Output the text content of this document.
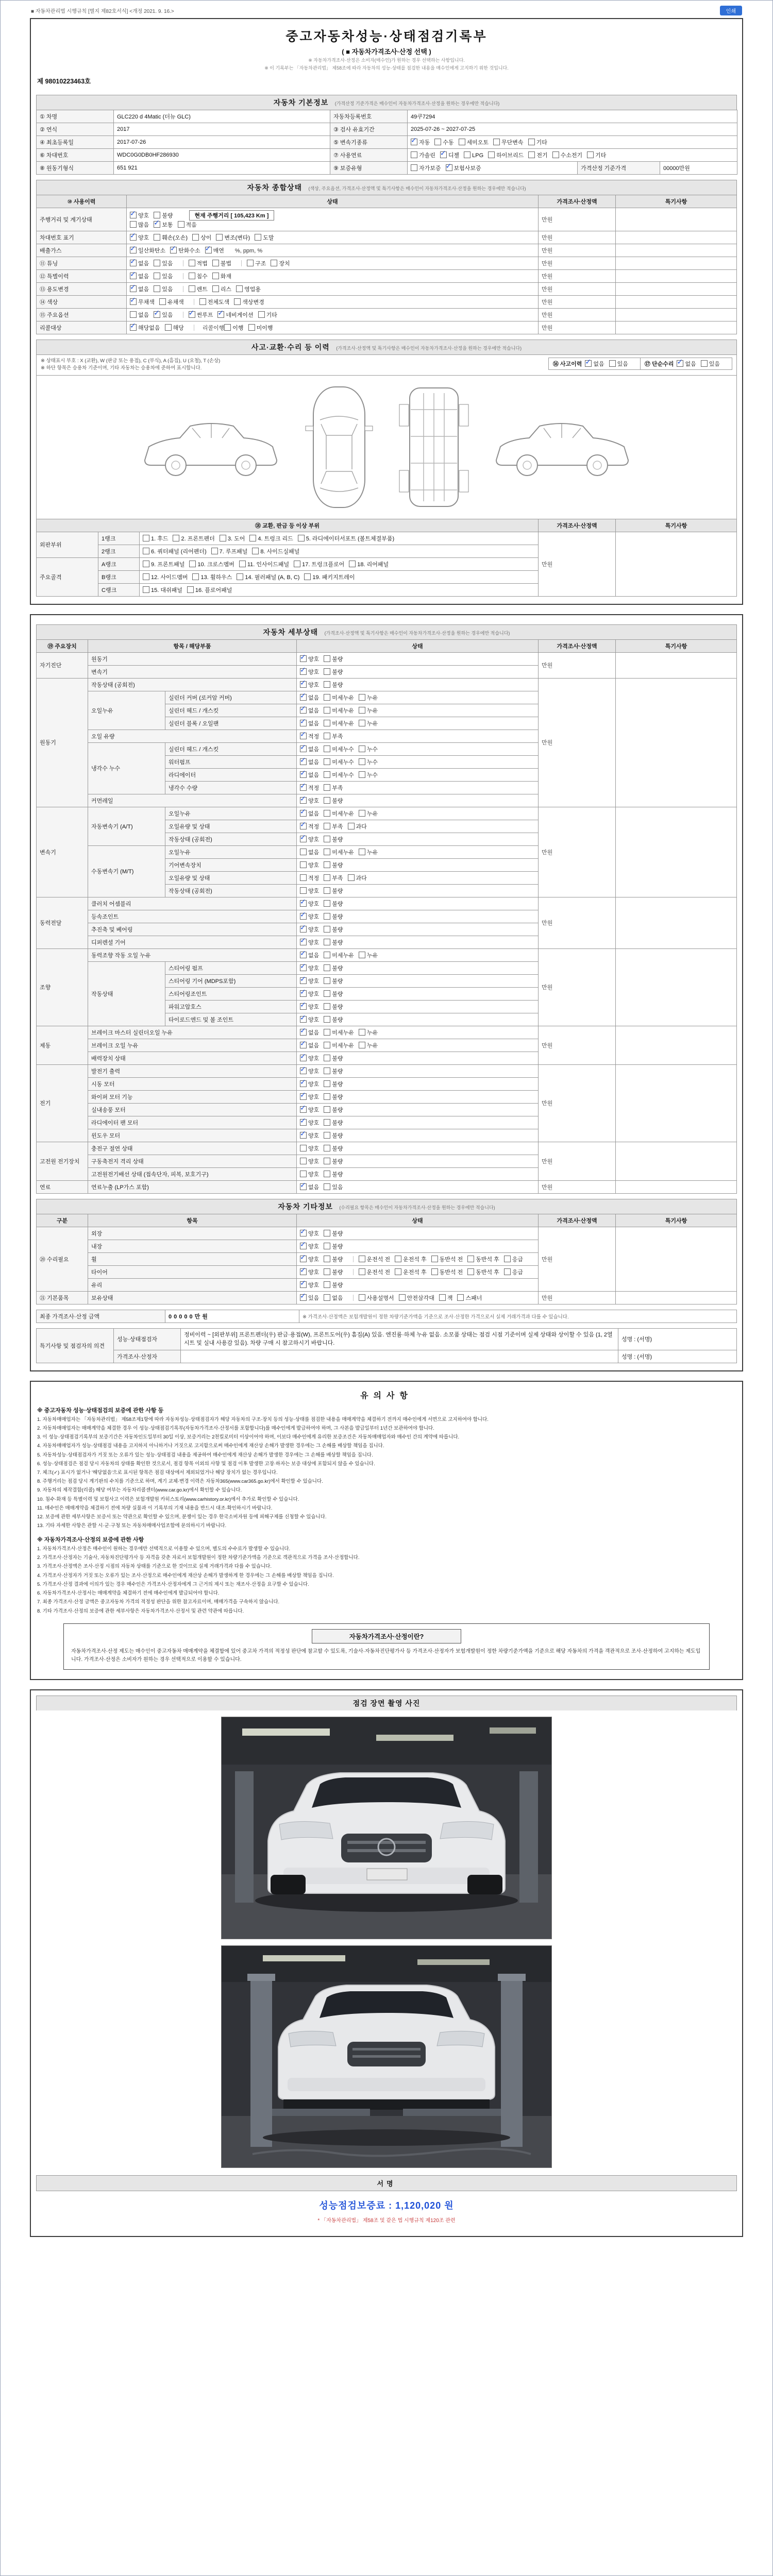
■ 자동차관리법 시행규칙 [별지 제82호서식] <개정 2021. 9. 16.>	인쇄
중고자동차성능·상태점검기록부
( ■ 자동차가격조사·산정 선택 )
※ 자동차가격조사·산정은 소비자(매수인)가 원하는 경우 선택하는 사항입니다.
※ 이 기록부는 「자동차관리법」 제58조에 따라 자동차의 성능·상태를 점검한 내용을 매수인에게 고지하기 위한 것입니다.
제 98010223463호
자동차 기본정보 (가격산정 기준가격은 매수인이 자동차가격조사·산정을 원하는 경우에만 적습니다)
① 차명	GLC220 d 4Matic (더뉴 GLC)	자동차등록번호	49쿠7294		
② 연식	2017	③ 검사 유효기간	2025-07-26 ~ 2027-07-25		
④ 최초등록일	2017-07-26	⑤ 변속기종류	✓자동 수동 세미오토 무단변속 기타
⑥ 차대번호	WDC0G0DB0HF286930	⑦ 사용연료	가솔린 ✓ 디젤 LPG 하이브리드 전기 수소전기 기타
⑧ 원동기형식	651 921	⑨ 보증유형	자가보증 ✓ 보험사보증	가격산정 기준가격	00000만원
자동차 종합상태 (색상, 주요옵션, 가격조사·산정액 및 특기사항은 매수인이 자동차가격조사·산정을 원하는 경우에만 적습니다)
⑩ 사용이력	상태	가격조사·산정액	특기사항
주행거리 및 계기상태	✓양호 불량 현재 주행거리 [ 105,423 Km ]
많음 ✓ 보통 적음	만원	
차대번호 표기	✓양호 훼손(오손) 상이 변조(변타) 도말	만원	
배출가스	✓일산화탄소 ✓ 탄화수소 ✓ 매연 %, ppm, %	만원	
⑪ 튜닝	✓없음 있음 적법 불법 구조 장치	만원	
⑫ 특별이력	✓없음 있음 침수 화재	만원	
⑬ 용도변경	✓없음 있음 렌트 리스 영업용	만원	
⑭ 색상	✓무채색 유채색 전체도색 색상변경	만원	
⑮ 주요옵션	없음 ✓ 있음 ✓ 썬루프 ✓ 네비게이션 기타	만원	
리콜대상	✓해당없음 해당 리콜이행 이행 미이행	만원	
사고·교환·수리 등 이력 (가격조사·산정액 및 특기사항은 매수인이 자동차가격조사·산정을 원하는 경우에만 적습니다)
※ 상태표시 부호 : X (교환), W (판금 또는 용접), C (부식), A (흠집), U (요철), T (손상)
※ 하단 항목은 승용차 기준이며, 기타 자동차는 승용차에 준하여 표시합니다.
⑯ 사고이력 ✓ 없음 있음	⑰ 단순수리 ✓ 없음 있음
⑱ 교환, 판금 등 이상 부위			가격조사·산정액	특기사항
외판부위	1랭크	1. 후드 2. 프론트펜더 3. 도어 4. 트렁크 리드 5. 라디에이터서포트 (볼트체결부품)	만원	
	2랭크	6. 쿼터패널 (리어펜더) 7. 루프패널 8. 사이드실패널		
주요골격	A랭크	9. 프론트패널 10. 크로스멤버 11. 인사이드패널 17. 트렁크플로어 18. 리어패널		
	B랭크	12. 사이드멤버 13. 휠하우스 14. 필러패널 (A, B, C) 19. 패키지트레이		
	C랭크	15. 대쉬패널 16. 플로어패널		
자동차 세부상태 (가격조사·산정액 및 특기사항은 매수인이 자동차가격조사·산정을 원하는 경우에만 적습니다)
⑲ 주요장치	항목 / 해당부품		상태	가격조사·산정액	특기사항
자기진단	원동기	✓양호 불량	만원	
	변속기	✓양호 불량
원동기	작동상태 (공회전)	✓양호 불량	만원	
	오일누유	실린더 커버 (로커암 커버)	✓없음 미세누유 누유
		실린더 헤드 / 개스킷	✓없음 미세누유 누유
		실린더 블록 / 오일팬	✓없음 미세누유 누유
	오일 유량	✓적정 부족
	냉각수 누수	실린더 헤드 / 개스킷	✓없음 미세누수 누수
		워터펌프	✓없음 미세누수 누수
		라디에이터	✓없음 미세누수 누수
		냉각수 수량	✓적정 부족
	커먼레일	✓양호 불량
변속기	자동변속기 (A/T)	오일누유	✓없음 미세누유 누유	만원	
		오일유량 및 상태	✓적정 부족 과다
		작동상태 (공회전)	✓양호 불량
	수동변속기 (M/T)	오일누유	없음 미세누유 누유		
		기어변속장치	양호 불량		
		오일유량 및 상태	적정 부족 과다		
		작동상태 (공회전)	양호 불량		
동력전달	클러치 어셈블리	✓양호 불량	만원	
	등속조인트	✓양호 불량
	추진축 및 베어링	✓양호 불량
	디퍼렌셜 기어	✓양호 불량
조향	동력조향 작동 오일 누유	✓없음 미세누유 누유	만원	
	작동상태	스티어링 펌프	✓양호 불량
		스티어링 기어 (MDPS포함)	✓양호 불량
		스티어링조인트	✓양호 불량
		파워고압호스	✓양호 불량
		타이로드엔드 및 볼 조인트	✓양호 불량
제동	브레이크 마스터 실린더오일 누유	✓없음 미세누유 누유	만원	
	브레이크 오일 누유	✓없음 미세누유 누유
	배력장치 상태	✓양호 불량
전기	발전기 출력	✓양호 불량	만원	
	시동 모터	✓양호 불량
	와이퍼 모터 기능	✓양호 불량
	실내송풍 모터	✓양호 불량
	라디에이터 팬 모터	✓양호 불량
	윈도우 모터	✓양호 불량
고전원 전기장치	충전구 절연 상태		양호 불량	만원	
	구동축전지 격리 상태		양호 불량		
	고전원전기배선 상태 (접속단자, 피복, 보호기구)		양호 불량		
연료	연료누출 (LP가스 포함)	✓없음 있음	만원	
자동차 기타정보 (수리필요 항목은 매수인이 자동차가격조사·산정을 원하는 경우에만 적습니다)
구분	항목	상태	가격조사·산정액	특기사항
⑳ 수리필요	외장	✓양호 불량	만원	
	내장	✓양호 불량
	휠	✓양호 불량 운전석 전 운전석 후 동반석 전 동반석 후 응급
	타이어	✓양호 불량 운전석 전 운전석 후 동반석 전 동반석 후 응급
	유리	✓양호 불량
㉑ 기본품목	보유상태	✓있음 없음 사용설명서 안전삼각대 잭 스패너	만원	
최종 가격조사·산정 금액	00000만원	※ 가격조사·산정액은 보험개발원이 정한 차량기준가액을 기준으로 조사·산정한 가격으로서 실제 거래가격과 다를 수 있습니다.
특기사항 및 점검자의 의견	성능·상태점검자	정비이력 ~ [외판부위] 프론트펜더(우) 판금·용접(W), 프론트도어(우) 흠집(A) 있음. 엔진룸·하체 누유 없음. 소모품 상태는 점검 시점 기준이며 실제 상태와 상이할 수 있음 (1, 2열 시트 및 실내 사용감 있음). 차량 구매 시 참고하시기 바랍니다.	성명 : (서명)
	가격조사·산정자		성명 : (서명)
유의사항
※ 중고자동차 성능·상태점검의 보증에 관한 사항 등
1. 자동차매매업자는 「자동차관리법」 제58조제1항에 따라 자동차성능·상태점검자가 해당 자동차의 구조·장치 등의 성능·상태를 점검한 내용을 매매계약을 체결하기 전까지 매수인에게 서면으로 고지하여야 합니다.
2. 자동차매매업자는 매매계약을 체결한 경우 이 성능·상태점검기록부(자동차가격조사·산정서를 포함합니다)를 매수인에게 발급하여야 하며, 그 사본을 발급일부터 1년간 보관하여야 합니다.
3. 이 성능·상태점검기록부의 보증기간은 자동차인도일부터 30일 이상, 보증거리는 2천킬로미터 이상이어야 하며, 이보다 매수인에게 유리한 보증조건은 자동차매매업자와 매수인 간의 계약에 따릅니다.
4. 자동차매매업자가 성능·상태점검 내용을 고지하지 아니하거나 거짓으로 고지함으로써 매수인에게 재산상 손해가 발생한 경우에는 그 손해를 배상할 책임을 집니다.
5. 자동차성능·상태점검자가 거짓 또는 오류가 있는 성능·상태점검 내용을 제공하여 매수인에게 재산상 손해가 발생한 경우에는 그 손해를 배상할 책임을 집니다.
6. 성능·상태점검은 점검 당시 자동차의 상태를 확인한 것으로서, 점검 항목 이외의 사항 및 점검 이후 발생한 고장·하자는 보증 대상에 포함되지 않을 수 있습니다.
7. 체크(✓) 표시가 없거나 '해당없음'으로 표시된 항목은 점검 대상에서 제외되었거나 해당 장치가 없는 경우입니다.
8. 주행거리는 점검 당시 계기판의 수치를 기준으로 하며, 계기 교체·변경 이력은 자동차365(www.car365.go.kr)에서 확인할 수 있습니다.
9. 자동차의 제작결함(리콜) 해당 여부는 자동차리콜센터(www.car.go.kr)에서 확인할 수 있습니다.
10. 침수·화재 등 특별이력 및 보험사고 이력은 보험개발원 카히스토리(www.carhistory.or.kr)에서 추가로 확인할 수 있습니다.
11. 매수인은 매매계약을 체결하기 전에 차량 실물과 이 기록부의 기재 내용을 반드시 대조·확인하시기 바랍니다.
12. 보증에 관한 세부사항은 보증서 또는 약관으로 확인할 수 있으며, 분쟁이 있는 경우 한국소비자원 등에 피해구제를 신청할 수 있습니다.
13. 기타 자세한 사항은 관할 시·군·구청 또는 자동차매매사업조합에 문의하시기 바랍니다.
※ 자동차가격조사·산정의 보증에 관한 사항
1. 자동차가격조사·산정은 매수인이 원하는 경우에만 선택적으로 이용할 수 있으며, 별도의 수수료가 발생할 수 있습니다.
2. 가격조사·산정자는 기술사, 자동차진단평가사 등 자격을 갖춘 자로서 보험개발원이 정한 차량기준가액을 기준으로 객관적으로 가격을 조사·산정합니다.
3. 가격조사·산정액은 조사·산정 시점의 자동차 상태를 기준으로 한 것이므로 실제 거래가격과 다를 수 있습니다.
4. 가격조사·산정자가 거짓 또는 오류가 있는 조사·산정으로 매수인에게 재산상 손해가 발생하게 한 경우에는 그 손해를 배상할 책임을 집니다.
5. 가격조사·산정 결과에 이의가 있는 경우 매수인은 가격조사·산정자에게 그 근거의 제시 또는 재조사·산정을 요구할 수 있습니다.
6. 자동차가격조사·산정서는 매매계약을 체결하기 전에 매수인에게 발급되어야 합니다.
7. 최종 가격조사·산정 금액은 중고자동차 가격의 적정성 판단을 위한 참고자료이며, 매매가격을 구속하지 않습니다.
8. 기타 가격조사·산정의 보증에 관한 세부사항은 자동차가격조사·산정서 및 관련 약관에 따릅니다.
자동차가격조사·산정이란?
자동차가격조사·산정 제도는 매수인이 중고자동차 매매계약을 체결함에 있어 중고차 가격의 적정성 판단에 참고할 수 있도록, 기술사·자동차진단평가사 등 가격조사·산정자가 보험개발원이 정한 차량기준가액을 기준으로 해당 자동차의 가격을 객관적으로 조사·산정하여 고지하는 제도입니다. 가격조사·산정은 소비자가 원하는 경우 선택적으로 이용할 수 있습니다.
점검 장면 촬영 사진
서명
성능점검보증료 : 1,120,020 원
* 「자동차관리법」 제58조 및 같은 법 시행규칙 제120조 관련
